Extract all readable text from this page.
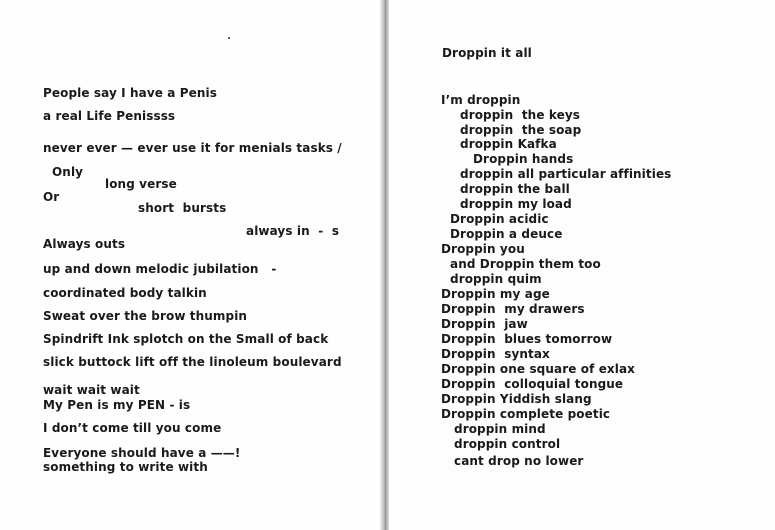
People say I have a Penis

a real Life Penissss

never ever — ever use it for menials tasks /

Only

long verse

Or

short  bursts

always in  -  s

Always outs

up and down melodic jubilation   -

coordinated body talkin

Sweat over the brow thumpin

Spindrift Ink splotch on the Small of back

slick buttock lift off the linoleum boulevard

wait wait wait

My Pen is my PEN - is

I don’t come till you come

Everyone should have a ——!

something to write with

Droppin it all

I’m droppin

droppin  the keys

droppin  the soap

droppin Kafka

Droppin hands

droppin all particular affinities

droppin the ball

droppin my load

Droppin acidic

Droppin a deuce

Droppin you

and Droppin them too

droppin quim

Droppin my age

Droppin  my drawers

Droppin  jaw

Droppin  blues tomorrow

Droppin  syntax

Droppin one square of exlax

Droppin  colloquial tongue

Droppin Yiddish slang

Droppin complete poetic

droppin mind

droppin control

cant drop no lower
